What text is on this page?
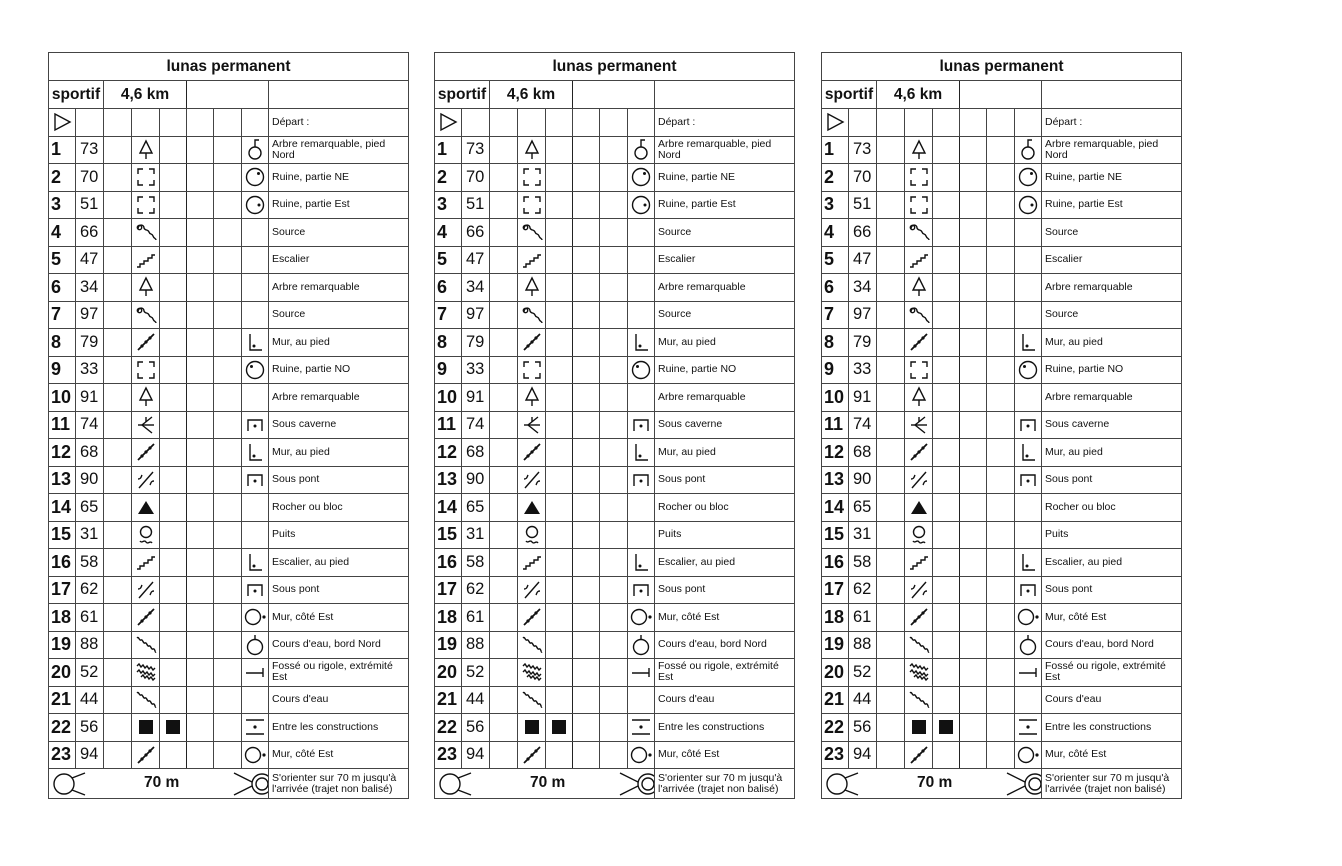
lunas permanent								
sportif		4,6 km						

								Départ :
1	73							Arbre remarquable, pied Nord
2	70							Ruine, partie NE
3	51							Ruine, partie Est
4	66							Source
5	47							Escalier
6	34							Arbre remarquable
7	97							Source
8	79							Mur, au pied
9	33							Ruine, partie NO
10	91							Arbre remarquable
11	74							Sous caverne
12	68							Mur, au pied
13	90							Sous pont
14	65							Rocher ou bloc
15	31							Puits
16	58							Escalier, au pied
17	62							Sous pont
18	61							Mur, côté Est
19	88							Cours d'eau, bord Nord
20	52							Fossé ou rigole, extrémité Est
21	44							Cours d'eau
22	56							Entre les constructions
23	94							Mur, côté Est

70 m								S'orienter sur 70 m jusqu'à l'arrivée (trajet non balisé)
lunas permanent								
sportif		4,6 km						

								Départ :
1	73							Arbre remarquable, pied Nord
2	70							Ruine, partie NE
3	51							Ruine, partie Est
4	66							Source
5	47							Escalier
6	34							Arbre remarquable
7	97							Source
8	79							Mur, au pied
9	33							Ruine, partie NO
10	91							Arbre remarquable
11	74							Sous caverne
12	68							Mur, au pied
13	90							Sous pont
14	65							Rocher ou bloc
15	31							Puits
16	58							Escalier, au pied
17	62							Sous pont
18	61							Mur, côté Est
19	88							Cours d'eau, bord Nord
20	52							Fossé ou rigole, extrémité Est
21	44							Cours d'eau
22	56							Entre les constructions
23	94							Mur, côté Est

70 m								S'orienter sur 70 m jusqu'à l'arrivée (trajet non balisé)
lunas permanent								
sportif		4,6 km						

								Départ :
1	73							Arbre remarquable, pied Nord
2	70							Ruine, partie NE
3	51							Ruine, partie Est
4	66							Source
5	47							Escalier
6	34							Arbre remarquable
7	97							Source
8	79							Mur, au pied
9	33							Ruine, partie NO
10	91							Arbre remarquable
11	74							Sous caverne
12	68							Mur, au pied
13	90							Sous pont
14	65							Rocher ou bloc
15	31							Puits
16	58							Escalier, au pied
17	62							Sous pont
18	61							Mur, côté Est
19	88							Cours d'eau, bord Nord
20	52							Fossé ou rigole, extrémité Est
21	44							Cours d'eau
22	56							Entre les constructions
23	94							Mur, côté Est

70 m								S'orienter sur 70 m jusqu'à l'arrivée (trajet non balisé)
